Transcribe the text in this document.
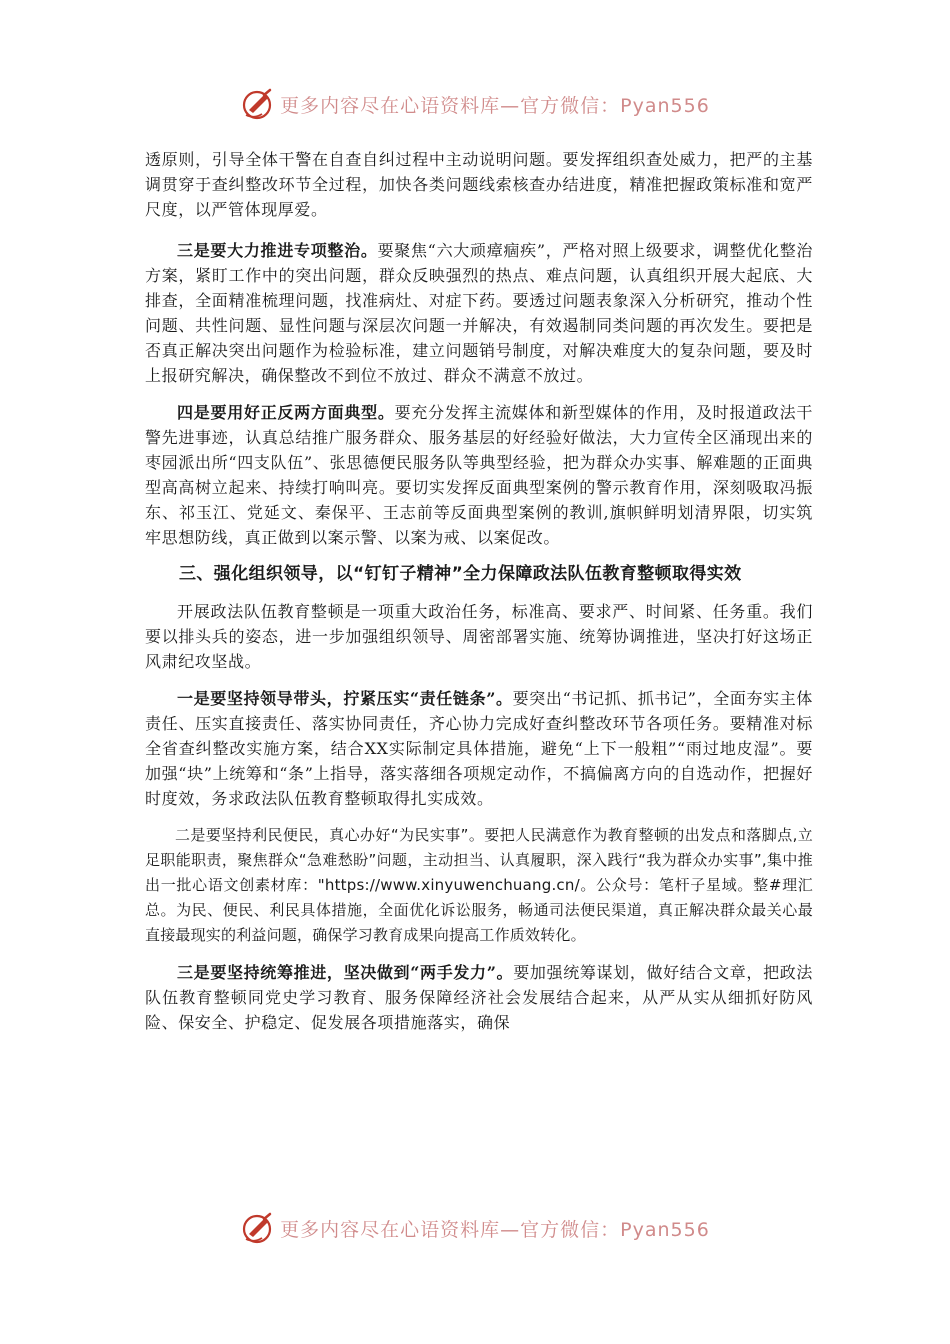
更多内容尽在心语资料库—官方微信：Pyan556

透原则，引导全体干警在自查自纠过程中主动说明问题。要发挥组织查处威力，把严的主基调贯穿于查纠整改环节全过程，加快各类问题线索核查办结进度，精准把握政策标准和宽严尺度，以严管体现厚爱。

三是要大力推进专项整治。要聚焦“六大顽瘴痼疾”，严格对照上级要求，调整优化整治方案，紧盯工作中的突出问题，群众反映强烈的热点、难点问题，认真组织开展大起底、大排查，全面精准梳理问题，找准病灶、对症下药。要透过问题表象深入分析研究，推动个性问题、共性问题、显性问题与深层次问题一并解决，有效遏制同类问题的再次发生。要把是否真正解决突出问题作为检验标准，建立问题销号制度，对解决难度大的复杂问题，要及时上报研究解决，确保整改不到位不放过、群众不满意不放过。

四是要用好正反两方面典型。要充分发挥主流媒体和新型媒体的作用，及时报道政法干警先进事迹，认真总结推广服务群众、服务基层的好经验好做法，大力宣传全区涌现出来的枣园派出所“四支队伍”、张思德便民服务队等典型经验，把为群众办实事、解难题的正面典型高高树立起来、持续打响叫亮。要切实发挥反面典型案例的警示教育作用，深刻吸取冯振东、祁玉江、党延文、秦保平、王志前等反面典型案例的教训,旗帜鲜明划清界限，切实筑牢思想防线，真正做到以案示警、以案为戒、以案促改。

三、强化组织领导，以“钉钉子精神”全力保障政法队伍教育整顿取得实效

开展政法队伍教育整顿是一项重大政治任务，标准高、要求严、时间紧、任务重。我们要以排头兵的姿态，进一步加强组织领导、周密部署实施、统筹协调推进，坚决打好这场正风肃纪攻坚战。

一是要坚持领导带头，拧紧压实“责任链条”。要突出“书记抓、抓书记”，全面夯实主体责任、压实直接责任、落实协同责任，齐心协力完成好查纠整改环节各项任务。要精准对标全省查纠整改实施方案，结合XX实际制定具体措施，避免“上下一般粗”“雨过地皮湿”。要加强“块”上统筹和“条”上指导，落实落细各项规定动作，不搞偏离方向的自选动作，把握好时度效，务求政法队伍教育整顿取得扎实成效。

二是要坚持利民便民，真心办好“为民实事”。要把人民满意作为教育整顿的出发点和落脚点,立足职能职责，聚焦群众“急难愁盼”问题，主动担当、认真履职，深入践行“我为群众办实事”,集中推出一批心语文创素材库："https://www.xinyuwenchuang.cn/。公众号：笔杆子星域。整#理汇总。为民、便民、利民具体措施，全面优化诉讼服务，畅通司法便民渠道，真正解决群众最关心最直接最现实的利益问题，确保学习教育成果向提高工作质效转化。

三是要坚持统筹推进，坚决做到“两手发力”。要加强统筹谋划，做好结合文章，把政法队伍教育整顿同党史学习教育、服务保障经济社会发展结合起来，从严从实从细抓好防风险、保安全、护稳定、促发展各项措施落实，确保

更多内容尽在心语资料库—官方微信：Pyan556
